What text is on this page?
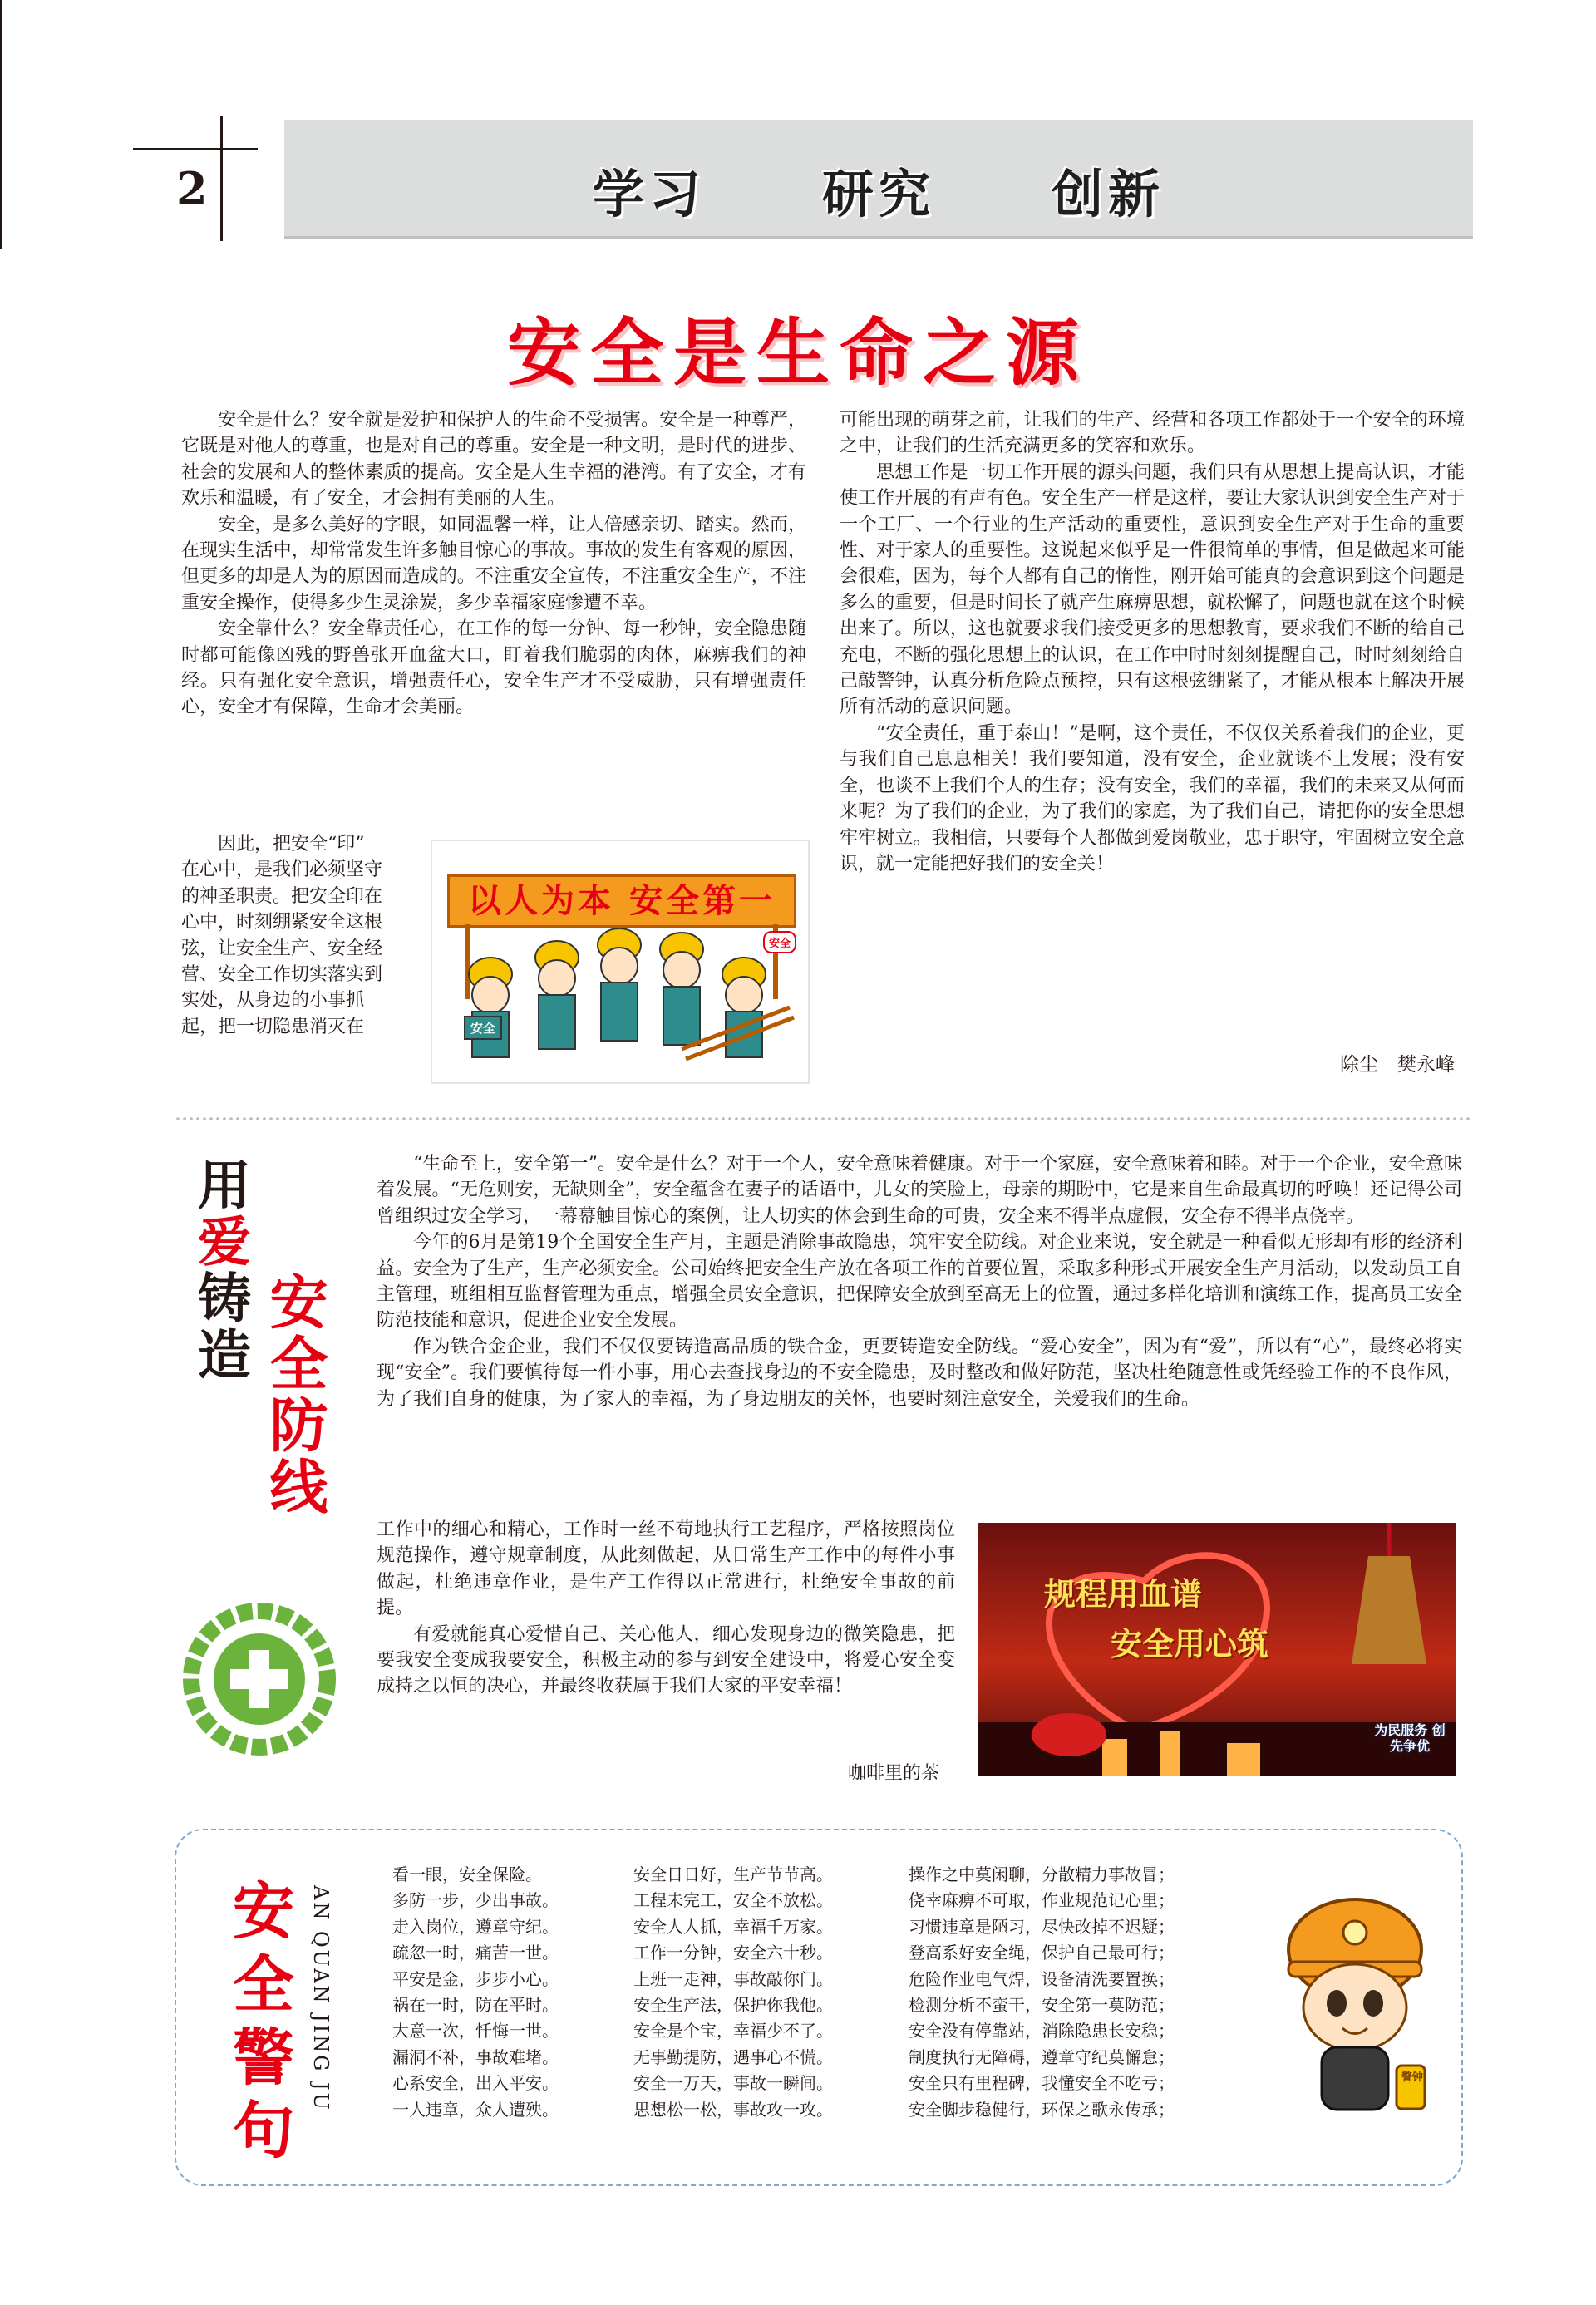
2	学习 研究 创新
安全是生命之源

安全是什么？安全就是爱护和保护人的生命不受损害。安全是一种尊严，它既是对他人的尊重，也是对自己的尊重。安全是一种文明，是时代的进步、社会的发展和人的整体素质的提高。安全是人生幸福的港湾。有了安全，才有欢乐和温暖，有了安全，才会拥有美丽的人生。

安全，是多么美好的字眼，如同温馨一样，让人倍感亲切、踏实。然而，在现实生活中，却常常发生许多触目惊心的事故。事故的发生有客观的原因，但更多的却是人为的原因而造成的。不注重安全宣传，不注重安全生产，不注重安全操作，使得多少生灵涂炭，多少幸福家庭惨遭不幸。

安全靠什么？安全靠责任心，在工作的每一分钟、每一秒钟，安全隐患随时都可能像凶残的野兽张开血盆大口，盯着我们脆弱的肉体，麻痹我们的神经。只有强化安全意识，增强责任心，安全生产才不受威胁，只有增强责任心，安全才有保障，生命才会美丽。

因此，把安全“印”
在心中，是我们必须坚守
的神圣职责。把安全印在
心中，时刻绷紧安全这根
弦，让安全生产、安全经
营、安全工作切实落实到
实处，从身边的小事抓
起，把一切隐患消灭在
以人为本 安全第一
安全
安全

可能出现的萌芽之前，让我们的生产、经营和各项工作都处于一个安全的环境之中，让我们的生活充满更多的笑容和欢乐。

思想工作是一切工作开展的源头问题，我们只有从思想上提高认识，才能使工作开展的有声有色。安全生产一样是这样，要让大家认识到安全生产对于一个工厂、一个行业的生产活动的重要性，意识到安全生产对于生命的重要性、对于家人的重要性。这说起来似乎是一件很简单的事情，但是做起来可能会很难，因为，每个人都有自己的惰性，刚开始可能真的会意识到这个问题是多么的重要，但是时间长了就产生麻痹思想，就松懈了，问题也就在这个时候出来了。所以，这也就要求我们接受更多的思想教育，要求我们不断的给自己充电，不断的强化思想上的认识，在工作中时时刻刻提醒自己，时时刻刻给自己敲警钟，认真分析危险点预控，只有这根弦绷紧了，才能从根本上解决开展所有活动的意识问题。

“安全责任，重于泰山！”是啊，这个责任，不仅仅关系着我们的企业，更与我们自己息息相关！我们要知道，没有安全，企业就谈不上发展；没有安全，也谈不上我们个人的生存；没有安全，我们的幸福，我们的未来又从何而来呢？为了我们的企业，为了我们的家庭，为了我们自己，请把你的安全思想牢牢树立。我相信，只要每个人都做到爱岗敬业，忠于职守，牢固树立安全意识，就一定能把好我们的安全关！

除尘　樊永峰
用爱铸造 安全防线

“生命至上，安全第一”。安全是什么？对于一个人，安全意味着健康。对于一个家庭，安全意味着和睦。对于一个企业，安全意味着发展。“无危则安，无缺则全”，安全蕴含在妻子的话语中，儿女的笑脸上，母亲的期盼中，它是来自生命最真切的呼唤！还记得公司曾组织过安全学习，一幕幕触目惊心的案例，让人切实的体会到生命的可贵，安全来不得半点虚假，安全存不得半点侥幸。

今年的6月是第19个全国安全生产月，主题是消除事故隐患，筑牢安全防线。对企业来说，安全就是一种看似无形却有形的经济利益。安全为了生产，生产必须安全。公司始终把安全生产放在各项工作的首要位置，采取多种形式开展安全生产月活动，以发动员工自主管理，班组相互监督管理为重点，增强全员安全意识，把保障安全放到至高无上的位置，通过多样化培训和演练工作，提高员工安全防范技能和意识，促进企业安全发展。

作为铁合金企业，我们不仅仅要铸造高品质的铁合金，更要铸造安全防线。“爱心安全”，因为有“爱”，所以有“心”，最终必将实现“安全”。我们要慎待每一件小事，用心去查找身边的不安全隐患，及时整改和做好防范，坚决杜绝随意性或凭经验工作的不良作风，为了我们自身的健康，为了家人的幸福，为了身边朋友的关怀，也要时刻注意安全，关爱我们的生命。

工作中的细心和精心，工作时一丝不苟地执行工艺程序，严格按照岗位规范操作，遵守规章制度，从此刻做起，从日常生产工作中的每件小事做起，杜绝违章作业，是生产工作得以正常进行，杜绝安全事故的前提。

有爱就能真心爱惜自己、关心他人，细心发现身边的微笑隐患，把要我安全变成我要安全，积极主动的参与到安全建设中，将爱心安全变成持之以恒的决心，并最终收获属于我们大家的平安幸福！

规程用血谱
安全用心筑
为民服务 创先争优
咖啡里的茶
安全警句 AN QUAN JING JU
看一眼，安全保险。
多防一步，少出事故。
走入岗位，遵章守纪。
疏忽一时，痛苦一世。
平安是金，步步小心。
祸在一时，防在平时。
大意一次，忏悔一世。
漏洞不补，事故难堵。
心系安全，出入平安。
一人违章，众人遭殃。
安全日日好，生产节节高。
工程未完工，安全不放松。
安全人人抓，幸福千万家。
工作一分钟，安全六十秒。
上班一走神，事故敲你门。
安全生产法，保护你我他。
安全是个宝，幸福少不了。
无事勤提防，遇事心不慌。
安全一万天，事故一瞬间。
思想松一松，事故攻一攻。
操作之中莫闲聊，分散精力事故冒；
侥幸麻痹不可取，作业规范记心里；
习惯违章是陋习，尽快改掉不迟疑；
登高系好安全绳，保护自己最可行；
危险作业电气焊，设备清洗要置换；
检测分析不蛮干，安全第一莫防范；
安全没有停靠站，消除隐患长安稳；
制度执行无障碍，遵章守纪莫懈怠；
安全只有里程碑，我懂安全不吃亏；
安全脚步稳健行，环保之歌永传承；
警钟
